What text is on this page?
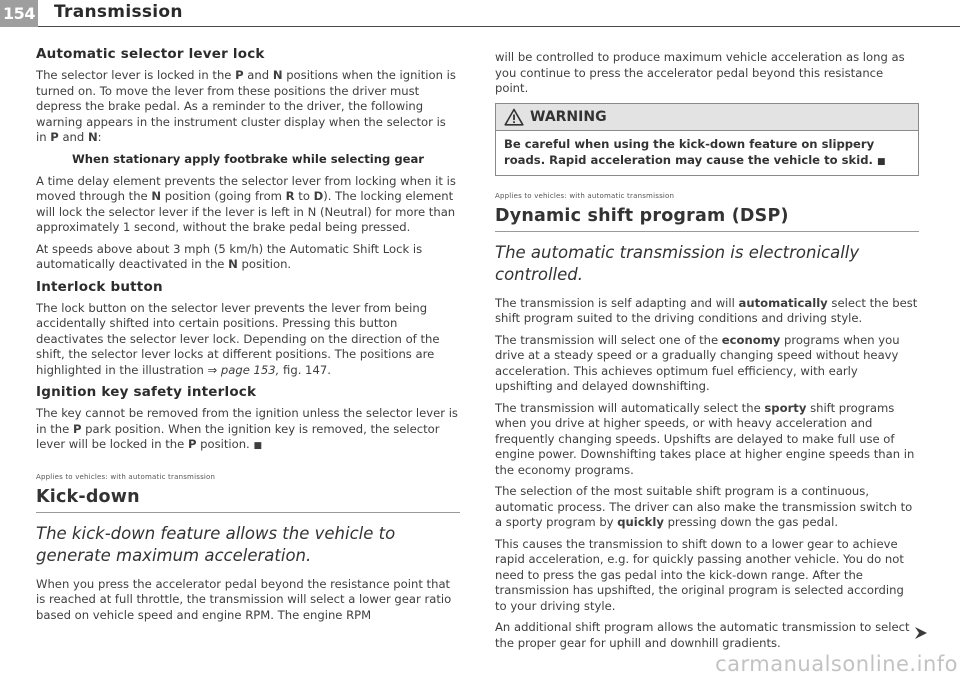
154 Transmission
Automatic selector lever lock

The selector lever is locked in the P and N positions when the ignition is turned on. To move the lever from these positions the driver must depress the brake pedal. As a reminder to the driver, the following warning appears in the instrument cluster display when the selector is in P and N:

When stationary apply footbrake while selecting gear

A time delay element prevents the selector lever from locking when it is moved through the N position (going from R to D). The locking element will lock the selector lever if the lever is left in N (Neutral) for more than approximately 1 second, without the brake pedal being pressed.

At speeds above about 3 mph (5 km/h) the Automatic Shift Lock is automatically deactivated in the N position.

Interlock button

The lock button on the selector lever prevents the lever from being accidentally shifted into certain positions. Pressing this button deactivates the selector lever lock. Depending on the direction of the shift, the selector lever locks at different positions. The positions are highlighted in the illustration ⇒ page 153, fig. 147.

Ignition key safety interlock

The key cannot be removed from the ignition unless the selector lever is in the P park position. When the ignition key is removed, the selector lever will be locked in the P position. ■

Applies to vehicles: with automatic transmission
Kick-down
The kick-down feature allows the vehicle to generate maximum acceleration.

When you press the accelerator pedal beyond the resistance point that is reached at full throttle, the transmission will select a lower gear ratio based on vehicle speed and engine RPM. The engine RPM

will be controlled to produce maximum vehicle acceleration as long as you continue to press the accelerator pedal beyond this resistance point.

WARNING
Be careful when using the kick-down feature on slippery roads. Rapid acceleration may cause the vehicle to skid. ■
Applies to vehicles: with automatic transmission
Dynamic shift program (DSP)
The automatic transmission is electronically controlled.

The transmission is self adapting and will automatically select the best shift program suited to the driving conditions and driving style.

The transmission will select one of the economy programs when you drive at a steady speed or a gradually changing speed without heavy acceleration. This achieves optimum fuel efficiency, with early upshifting and delayed downshifting.

The transmission will automatically select the sporty shift programs when you drive at higher speeds, or with heavy acceleration and frequently changing speeds. Upshifts are delayed to make full use of engine power. Downshifting takes place at higher engine speeds than in the economy programs.

The selection of the most suitable shift program is a continuous, automatic process. The driver can also make the transmission switch to a sporty program by quickly pressing down the gas pedal.

This causes the transmission to shift down to a lower gear to achieve rapid acceleration, e.g. for quickly passing another vehicle. You do not need to press the gas pedal into the kick-down range. After the transmission has upshifted, the original program is selected according to your driving style.

An additional shift program allows the automatic transmission to select the proper gear for uphill and downhill gradients.

carmanualsonline.info
